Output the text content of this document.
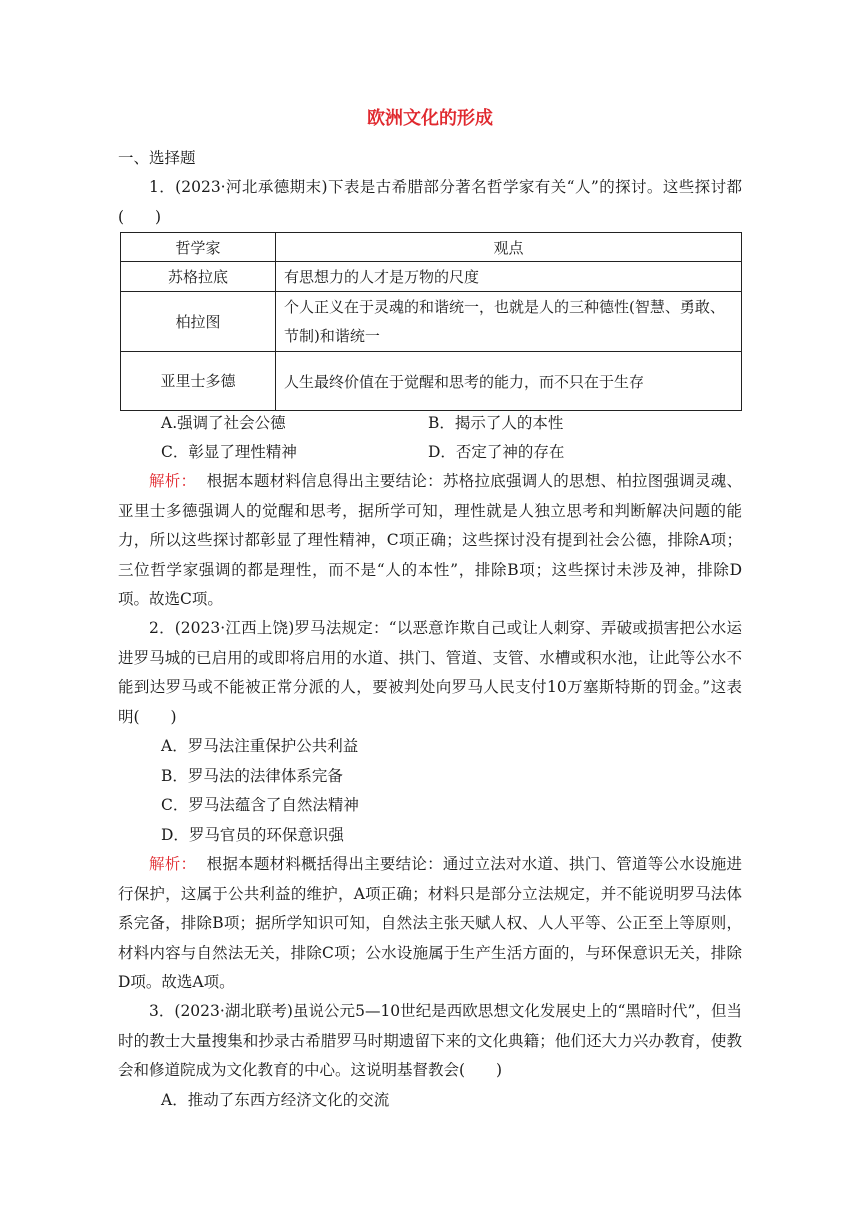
欧洲文化的形成
一、选择题
1．(2023·河北承德期末)下表是古希腊部分著名哲学家有关“人”的探讨。这些探讨都(　　)
哲学家	观点
苏格拉底	有思想力的人才是万物的尺度
柏拉图	个人正义在于灵魂的和谐统一，也就是人的三种德性(智慧、勇敢、节制)和谐统一
亚里士多德	人生最终价值在于觉醒和思考的能力，而不只在于生存
A.强调了社会公德	B．揭示了人的本性
C．彰显了理性精神	D．否定了神的存在
解析： 根据本题材料信息得出主要结论：苏格拉底强调人的思想、柏拉图强调灵魂、亚里士多德强调人的觉醒和思考，据所学可知，理性就是人独立思考和判断解决问题的能力，所以这些探讨都彰显了理性精神，C项正确；这些探讨没有提到社会公德，排除A项；三位哲学家强调的都是理性，而不是“人的本性”，排除B项；这些探讨未涉及神，排除D项。故选C项。
2．(2023·江西上饶)罗马法规定：“以恶意诈欺自己或让人刺穿、弄破或损害把公水运进罗马城的已启用的或即将启用的水道、拱门、管道、支管、水槽或积水池，让此等公水不能到达罗马或不能被正常分派的人，要被判处向罗马人民支付10万塞斯特斯的罚金。”这表明(　　)
A．罗马法注重保护公共利益
B．罗马法的法律体系完备
C．罗马法蕴含了自然法精神
D．罗马官员的环保意识强
解析： 根据本题材料概括得出主要结论：通过立法对水道、拱门、管道等公水设施进行保护，这属于公共利益的维护，A项正确；材料只是部分立法规定，并不能说明罗马法体系完备，排除B项；据所学知识可知，自然法主张天赋人权、人人平等、公正至上等原则，材料内容与自然法无关，排除C项；公水设施属于生产生活方面的，与环保意识无关，排除D项。故选A项。
3．(2023·湖北联考)虽说公元5—10世纪是西欧思想文化发展史上的“黑暗时代”，但当时的教士大量搜集和抄录古希腊罗马时期遗留下来的文化典籍；他们还大力兴办教育，使教会和修道院成为文化教育的中心。这说明基督教会(　　)
A．推动了东西方经济文化的交流
